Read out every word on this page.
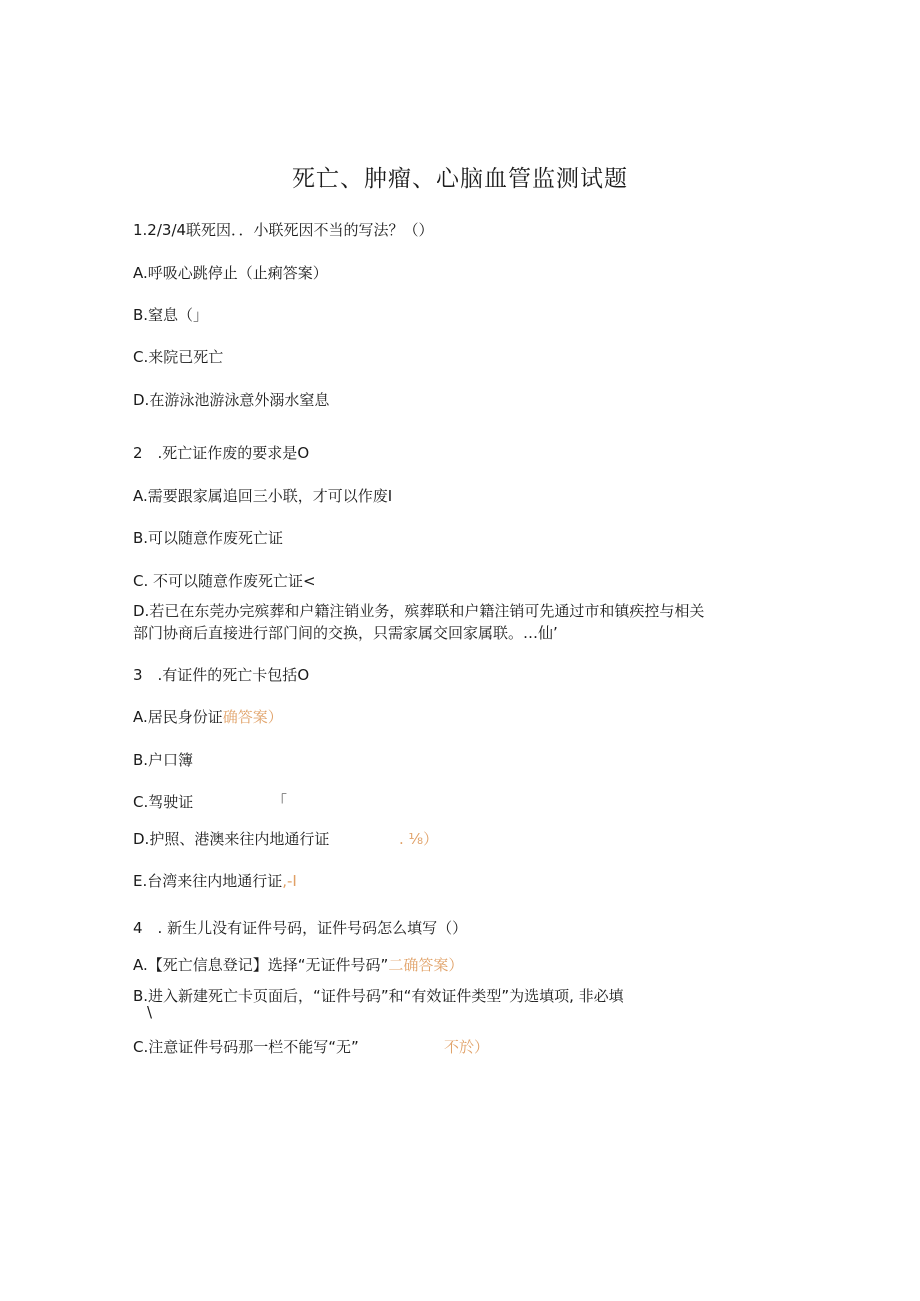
死亡、肿瘤、心脑血管监测试题
1.2/3/4联死因．．小联死因不当的写法？（）
A.呼吸心跳停止（止痢答案）
B.窒息（」
C.来院已死亡
D.在游泳池游泳意外溺水窒息
2　.死亡证作废的要求是O
A.需要跟家属追回三小联，才可以作废I
B.可以随意作废死亡证
C. 不可以随意作废死亡证<
D.若已在东莞办完殡葬和户籍注销业务，殡葬联和户籍注销可先通过市和镇疾控与相关
部门协商后直接进行部门间的交换，只需家属交回家属联。…仙’
3　.有证件的死亡卡包括O
A.居民身份证确答案）
B.户口簿
C.驾驶证	「
D.护照、港澳来往内地通行证	. ⅛）
E.台湾来往内地通行证,-I
4　. 新生儿没有证件号码，证件号码怎么填写（）
A.【死亡信息登记】选择“无证件号码”二确答案）
B.进入新建死亡卡页面后，“证件号码”和“有效证件类型”为选填项, 非必填
\
C.注意证件号码那一栏不能写“无”	不於）
